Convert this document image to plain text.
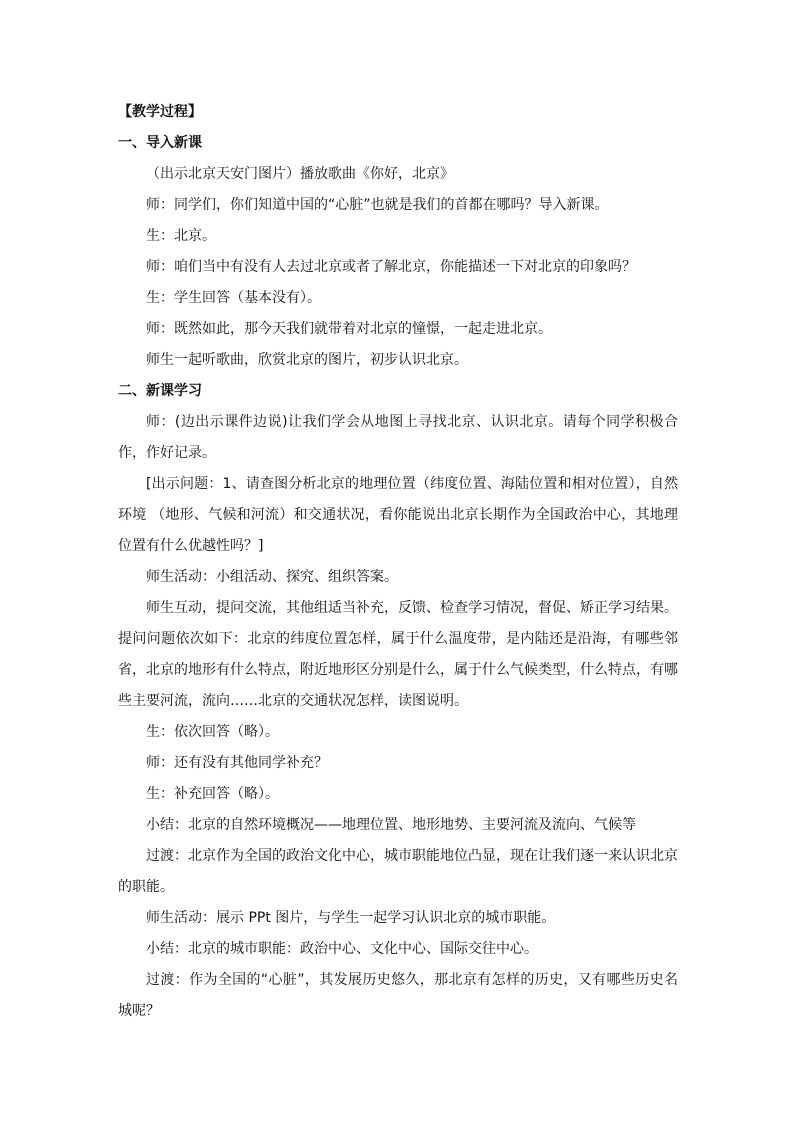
【教学过程】
一、导入新课
（出示北京天安门图片）播放歌曲《你好，北京》
师：同学们，你们知道中国的“心脏”也就是我们的首都在哪吗？导入新课。
生：北京。
师：咱们当中有没有人去过北京或者了解北京，你能描述一下对北京的印象吗？
生：学生回答（基本没有）。
师：既然如此，那今天我们就带着对北京的憧憬，一起走进北京。
师生一起听歌曲，欣赏北京的图片，初步认识北京。
二、新课学习

师：(边出示课件边说)让我们学会从地图上寻找北京、认识北京。请每个同学积极合作，作好记录。

[出示问题：1、请查图分析北京的地理位置（纬度位置、海陆位置和相对位置），自然环境 （地形、气候和河流）和交通状况，看你能说出北京长期作为全国政治中心，其地理位置有什么优越性吗？]

师生活动：小组活动、探究、组织答案。

师生互动，提问交流，其他组适当补充，反馈、检查学习情况，督促、矫正学习结果。提问问题依次如下：北京的纬度位置怎样，属于什么温度带，是内陆还是沿海，有哪些邻省，北京的地形有什么特点，附近地形区分别是什么，属于什么气候类型，什么特点，有哪些主要河流，流向……北京的交通状况怎样，读图说明。

生：依次回答（略）。

师：还有没有其他同学补充？

生：补充回答（略）。

小结：北京的自然环境概况——地理位置、地形地势、主要河流及流向、气候等

过渡：北京作为全国的政治文化中心，城市职能地位凸显，现在让我们逐一来认识北京的职能。

师生活动：展示 PPt 图片，与学生一起学习认识北京的城市职能。

小结：北京的城市职能：政治中心、文化中心、国际交往中心。

过渡：作为全国的“心脏”，其发展历史悠久，那北京有怎样的历史，又有哪些历史名城呢？
